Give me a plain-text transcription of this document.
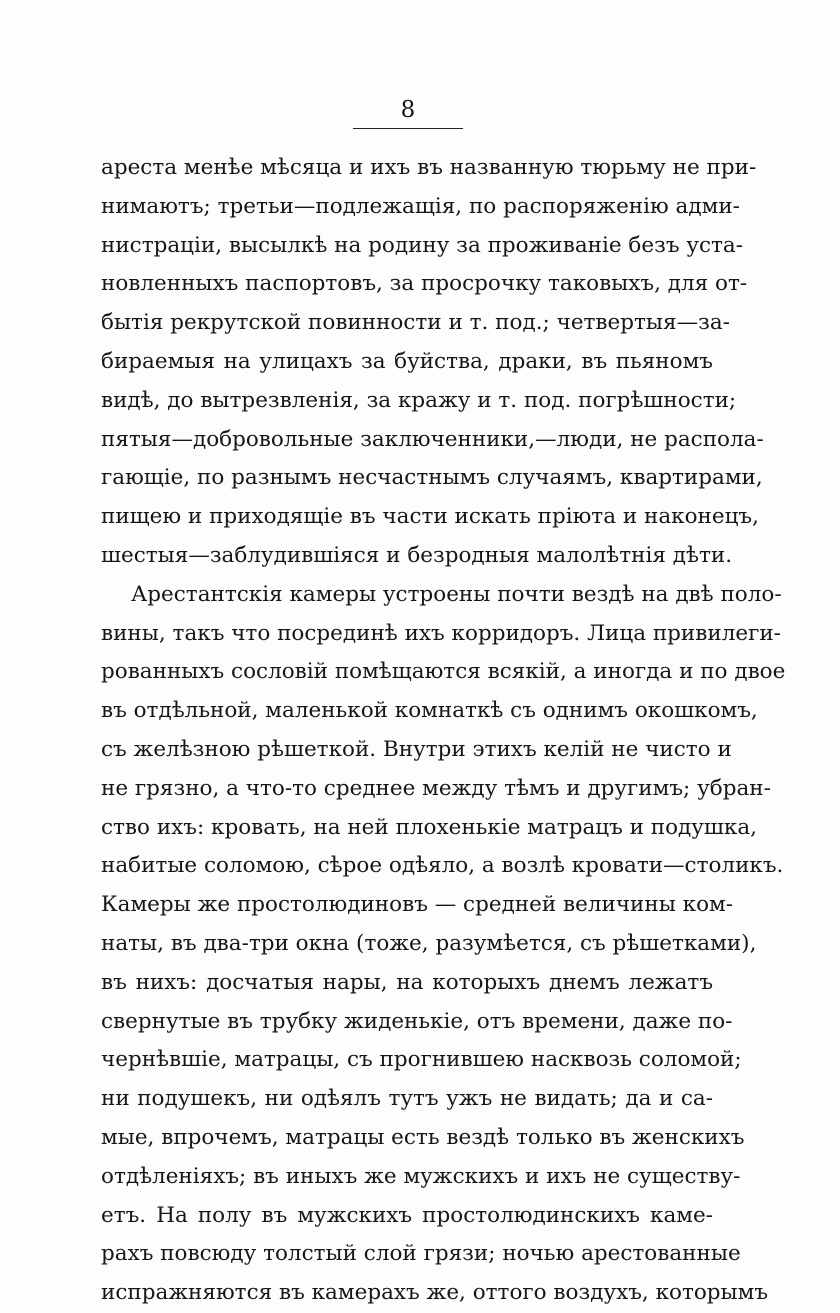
8
ареста менѣе мѣсяца и ихъ въ названную тюрьму не при-
нимаютъ; третьи—подлежащія, по распоряженію адми-
нистраціи, высылкѣ на родину за проживаніе безъ уста-
новленныхъ паспортовъ, за просрочку таковыхъ, для от-
бытія рекрутской повинности и т. под.; четвертыя—за-
бираемыя на улицахъ за буйства, драки, въ пьяномъ
видѣ, до вытрезвленія, за кражу и т. под. погрѣшности;
пятыя—добровольные заключенники,—люди, не распола-
гающіе, по разнымъ несчастнымъ случаямъ, квартирами,
пищею и приходящіе въ части искать пріюта и наконецъ,
шестыя—заблудившіяся и безродныя малолѣтнія дѣти.
Арестантскія камеры устроены почти вездѣ на двѣ поло-
вины, такъ что посрединѣ ихъ корридоръ. Лица привилеги-
рованныхъ сословій помѣщаются всякій, а иногда и по двое
въ отдѣльной, маленькой комнаткѣ съ однимъ окошкомъ,
съ желѣзною рѣшеткой. Внутри этихъ келій не чисто и
не грязно, а что-то среднее между тѣмъ и другимъ; убран-
ство ихъ: кровать, на ней плохенькіе матрацъ и подушка,
набитые соломою, сѣрое одѣяло, а возлѣ кровати—столикъ.
Камеры же простолюдиновъ — средней величины ком-
наты, въ два-три окна (тоже, разумѣется, съ рѣшетками),
въ нихъ: досчатыя нары, на которыхъ днемъ лежатъ
свернутые въ трубку жиденькіе, отъ времени, даже по-
чернѣвшіе, матрацы, съ прогнившею насквозь соломой;
ни подушекъ, ни одѣялъ тутъ ужъ не видать; да и са-
мые, впрочемъ, матрацы есть вездѣ только въ женскихъ
отдѣленіяхъ; въ иныхъ же мужскихъ и ихъ не существу-
етъ. На полу въ мужскихъ простолюдинскихъ каме-
рахъ повсюду толстый слой грязи; ночью арестованные
испражняются въ камерахъ же, оттого воздухъ, которымъ
